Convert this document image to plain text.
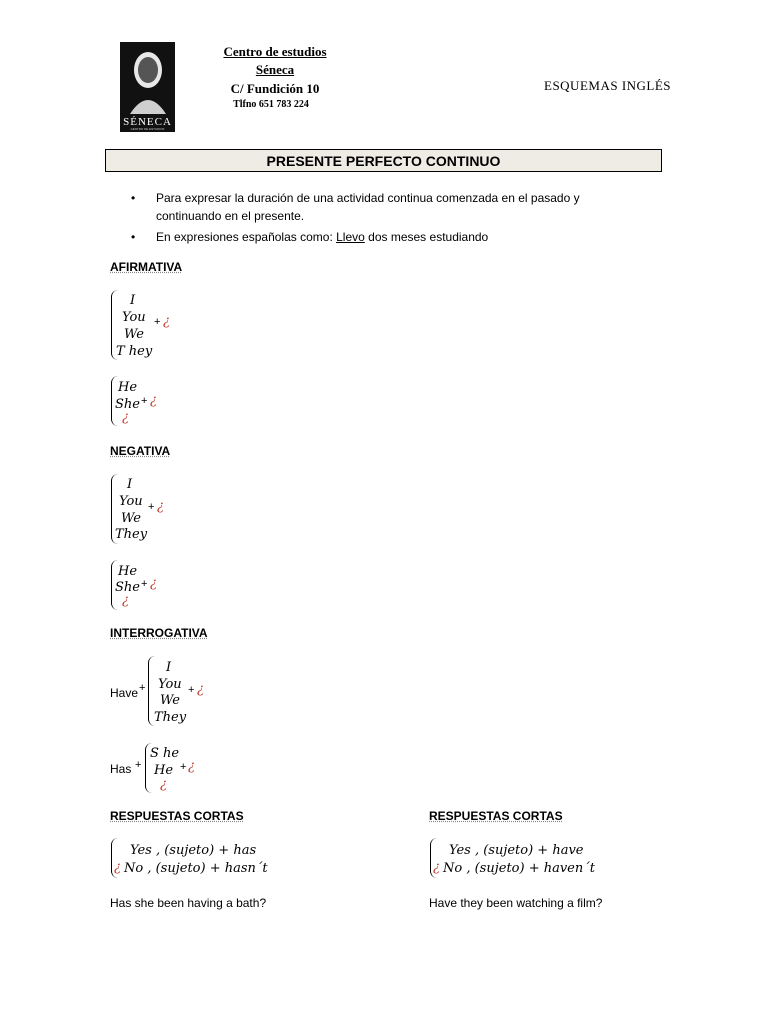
SÉNECA
CENTRO DE ESTUDIOS
Centro de estudios
Séneca
C/ Fundición 10
Tlfno 651 783 224
ESQUEMAS INGLÉS
PRESENTE PERFECTO CONTINUO
• Para expresar la duración de una actividad continua comenzada en el pasado y continuando en el presente.
• En expresiones españolas como: Llevo dos meses estudiando
AFIRMATIVA
I
You
We
T hey
+ ¿
He
She + ¿
¿
NEGATIVA
I
You
We
They
+ ¿
He
She + ¿
¿
INTERROGATIVA
Have +
I
You
We
They
+ ¿
Has +
S he
He + ¿
¿
RESPUESTAS CORTAS
Yes , (sujeto) + has
¿ No , (sujeto) + hasn´t
Has she been having a bath?
RESPUESTAS CORTAS
Yes , (sujeto) + have
¿ No , (sujeto) + haven´t
Have they been watching a film?
